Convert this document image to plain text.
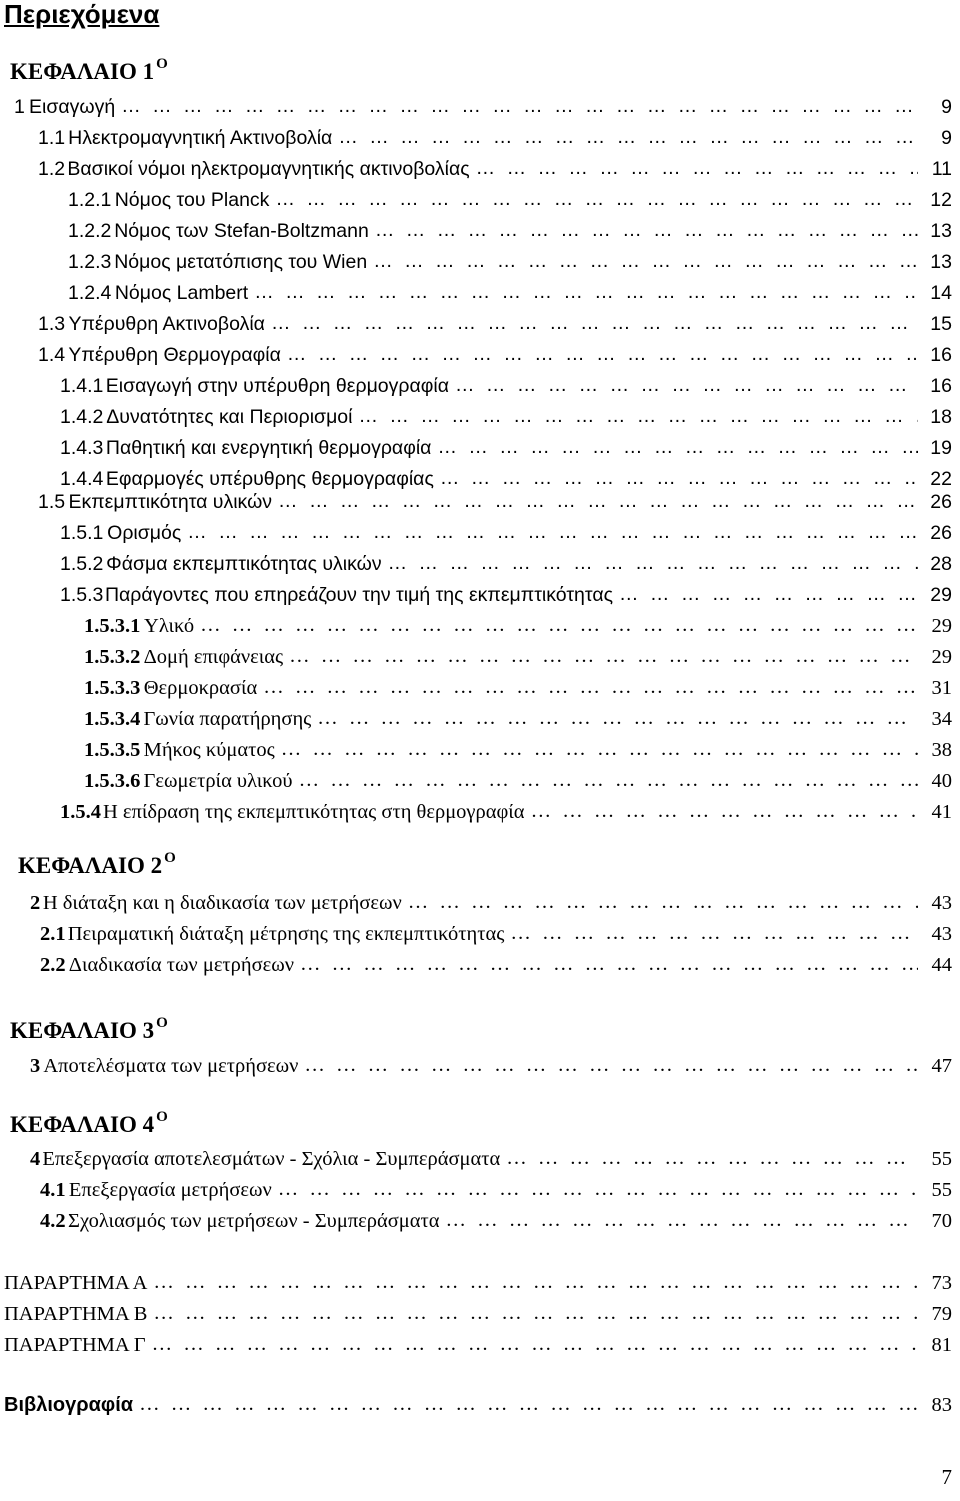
Περιεχόμενα
ΚΕΦΑΛΑΙΟ 1 $^O$
1 Εισαγωγή … … … … … … … … … … … … … … … … … … … … … … … … … … … … … … … … … … … … … … … … … … … … … … … … … …	9
1.1 Ηλεκτρομαγνητική Ακτινοβολία … … … … … … … … … … … … … … … … … … … … … … … … … … … … … … … … … … … … … … … … … … … … … … … … … …	9
1.2 Βασικοί νόμοι ηλεκτρομαγνητικής ακτινοβολίας … … … … … … … … … … … … … … … … … … … … … … … … … … … … … … … … … … … … … … … … … … … … … … … … … …	11
1.2.1 Νόμος του Planck … … … … … … … … … … … … … … … … … … … … … … … … … … … … … … … … … … … … … … … … … … … … … … … … … …	12
1.2.2 Νόμος των Stefan-Boltzmann … … … … … … … … … … … … … … … … … … … … … … … … … … … … … … … … … … … … … … … … … … … … … … … … … …	13
1.2.3 Νόμος μετατόπισης του Wien … … … … … … … … … … … … … … … … … … … … … … … … … … … … … … … … … … … … … … … … … … … … … … … … … …	13
1.2.4 Νόμος Lambert … … … … … … … … … … … … … … … … … … … … … … … … … … … … … … … … … … … … … … … … … … … … … … … … … …	14
1.3 Υπέρυθρη Ακτινοβολία … … … … … … … … … … … … … … … … … … … … … … … … … … … … … … … … … … … … … … … … … … … … … … … … … …	15
1.4 Υπέρυθρη Θερμογραφία … … … … … … … … … … … … … … … … … … … … … … … … … … … … … … … … … … … … … … … … … … … … … … … … … …	16
1.4.1 Εισαγωγή στην υπέρυθρη θερμογραφία … … … … … … … … … … … … … … … … … … … … … … … … … … … … … … … … … … … … … … … … … … … … … … … … … …	16
1.4.2 Δυνατότητες και Περιορισμοί … … … … … … … … … … … … … … … … … … … … … … … … … … … … … … … … … … … … … … … … … … … … … … … … … …	18
1.4.3 Παθητική και ενεργητική θερμογραφία … … … … … … … … … … … … … … … … … … … … … … … … … … … … … … … … … … … … … … … … … … … … … … … … … …	19
1.4.4 Εφαρμογές υπέρυθρης θερμογραφίας … … … … … … … … … … … … … … … … … … … … … … … … … … … … … … … … … … … … … … … … … … … … … … … … … …	22
1.5 Εκπεμπτικότητα υλικών … … … … … … … … … … … … … … … … … … … … … … … … … … … … … … … … … … … … … … … … … … … … … … … … … …	26
1.5.1 Ορισμός … … … … … … … … … … … … … … … … … … … … … … … … … … … … … … … … … … … … … … … … … … … … … … … … … …	26
1.5.2 Φάσμα εκπεμπτικότητας υλικών … … … … … … … … … … … … … … … … … … … … … … … … … … … … … … … … … … … … … … … … … … … … … … … … … …	28
1.5.3 Παράγοντες που επηρεάζουν την τιμή της εκπεμπτικότητας … … … … … … … … … … … … … … … … … … … … … … … … … … … … … … … … … … … … … … … … … … … … … … … … … …	29
1.5.3.1 Υλικό … … … … … … … … … … … … … … … … … … … … … … … … … … … … … … … … … … … … … … … … … … … … … … … … … …	29
1.5.3.2 Δομή επιφάνειας … … … … … … … … … … … … … … … … … … … … … … … … … … … … … … … … … … … … … … … … … … … … … … … … … …	29
1.5.3.3 Θερμοκρασία … … … … … … … … … … … … … … … … … … … … … … … … … … … … … … … … … … … … … … … … … … … … … … … … … …	31
1.5.3.4 Γωνία παρατήρησης … … … … … … … … … … … … … … … … … … … … … … … … … … … … … … … … … … … … … … … … … … … … … … … … … …	34
1.5.3.5 Μήκος κύματος … … … … … … … … … … … … … … … … … … … … … … … … … … … … … … … … … … … … … … … … … … … … … … … … … …	38
1.5.3.6 Γεωμετρία υλικού … … … … … … … … … … … … … … … … … … … … … … … … … … … … … … … … … … … … … … … … … … … … … … … … … …	40
1.5.4 Η επίδραση της εκπεμπτικότητας στη θερμογραφία … … … … … … … … … … … … … … … … … … … … … … … … … … … … … … … … … … … … … … … … … … … … … … … … … …	41
ΚΕΦΑΛΑΙΟ 2 $^O$
2 Η διάταξη και η διαδικασία των μετρήσεων … … … … … … … … … … … … … … … … … … … … … … … … … … … … … … … … … … … … … … … … … … … … … … … … … …	43
2.1 Πειραματική διάταξη μέτρησης της εκπεμπτικότητας … … … … … … … … … … … … … … … … … … … … … … … … … … … … … … … … … … … … … … … … … … … … … … … … … …	43
2.2 Διαδικασία των μετρήσεων … … … … … … … … … … … … … … … … … … … … … … … … … … … … … … … … … … … … … … … … … … … … … … … … … …	44
ΚΕΦΑΛΑΙΟ 3 $^O$
3 Αποτελέσματα των μετρήσεων … … … … … … … … … … … … … … … … … … … … … … … … … … … … … … … … … … … … … … … … … … … … … … … … … …	47
ΚΕΦΑΛΑΙΟ 4 $^O$
4 Επεξεργασία αποτελεσμάτων - Σχόλια - Συμπεράσματα … … … … … … … … … … … … … … … … … … … … … … … … … … … … … … … … … … … … … … … … … … … … … … … … … …	55
4.1 Επεξεργασία μετρήσεων … … … … … … … … … … … … … … … … … … … … … … … … … … … … … … … … … … … … … … … … … … … … … … … … … …	55
4.2 Σχολιασμός των μετρήσεων - Συμπεράσματα … … … … … … … … … … … … … … … … … … … … … … … … … … … … … … … … … … … … … … … … … … … … … … … … … …	70
ΠΑΡΑΡΤΗΜΑ Α … … … … … … … … … … … … … … … … … … … … … … … … … … … … … … … … … … … … … … … … … … … … … … … … … …	73
ΠΑΡΑΡΤΗΜΑ Β … … … … … … … … … … … … … … … … … … … … … … … … … … … … … … … … … … … … … … … … … … … … … … … … … …	79
ΠΑΡΑΡΤΗΜΑ Γ … … … … … … … … … … … … … … … … … … … … … … … … … … … … … … … … … … … … … … … … … … … … … … … … … …	81
Βιβλιογραφία … … … … … … … … … … … … … … … … … … … … … … … … … … … … … … … … … … … … … … … … … … … … … … … … … …	83
7
